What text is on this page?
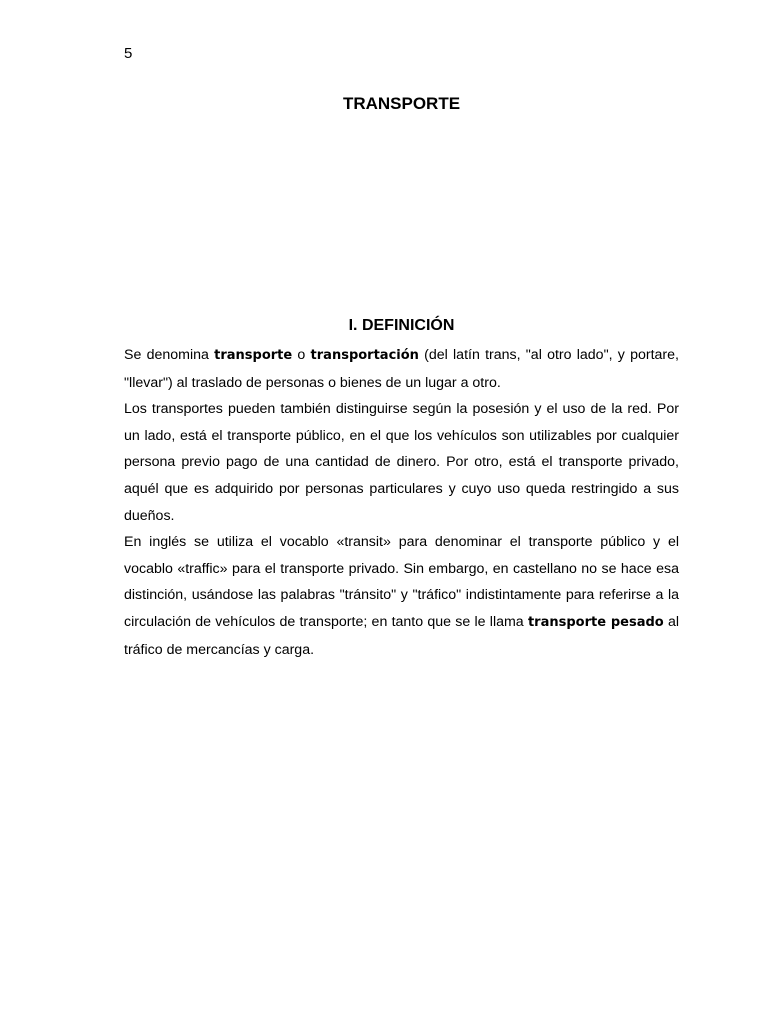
5
TRANSPORTE
I. DEFINICIÓN

Se denomina transporte o transportación (del latín trans, "al otro lado", y portare, "llevar") al traslado de personas o bienes de un lugar a otro.

Los transportes pueden también distinguirse según la posesión y el uso de la red. Por un lado, está el transporte público, en el que los vehículos son utilizables por cualquier persona previo pago de una cantidad de dinero. Por otro, está el transporte privado, aquél que es adquirido por personas particulares y cuyo uso queda restringido a sus dueños.

En inglés se utiliza el vocablo «transit» para denominar el transporte público y el vocablo «traffic» para el transporte privado. Sin embargo, en castellano no se hace esa distinción, usándose las palabras "tránsito" y "tráfico" indistintamente para referirse a la circulación de vehículos de transporte; en tanto que se le llama transporte pesado al tráfico de mercancías y carga.
